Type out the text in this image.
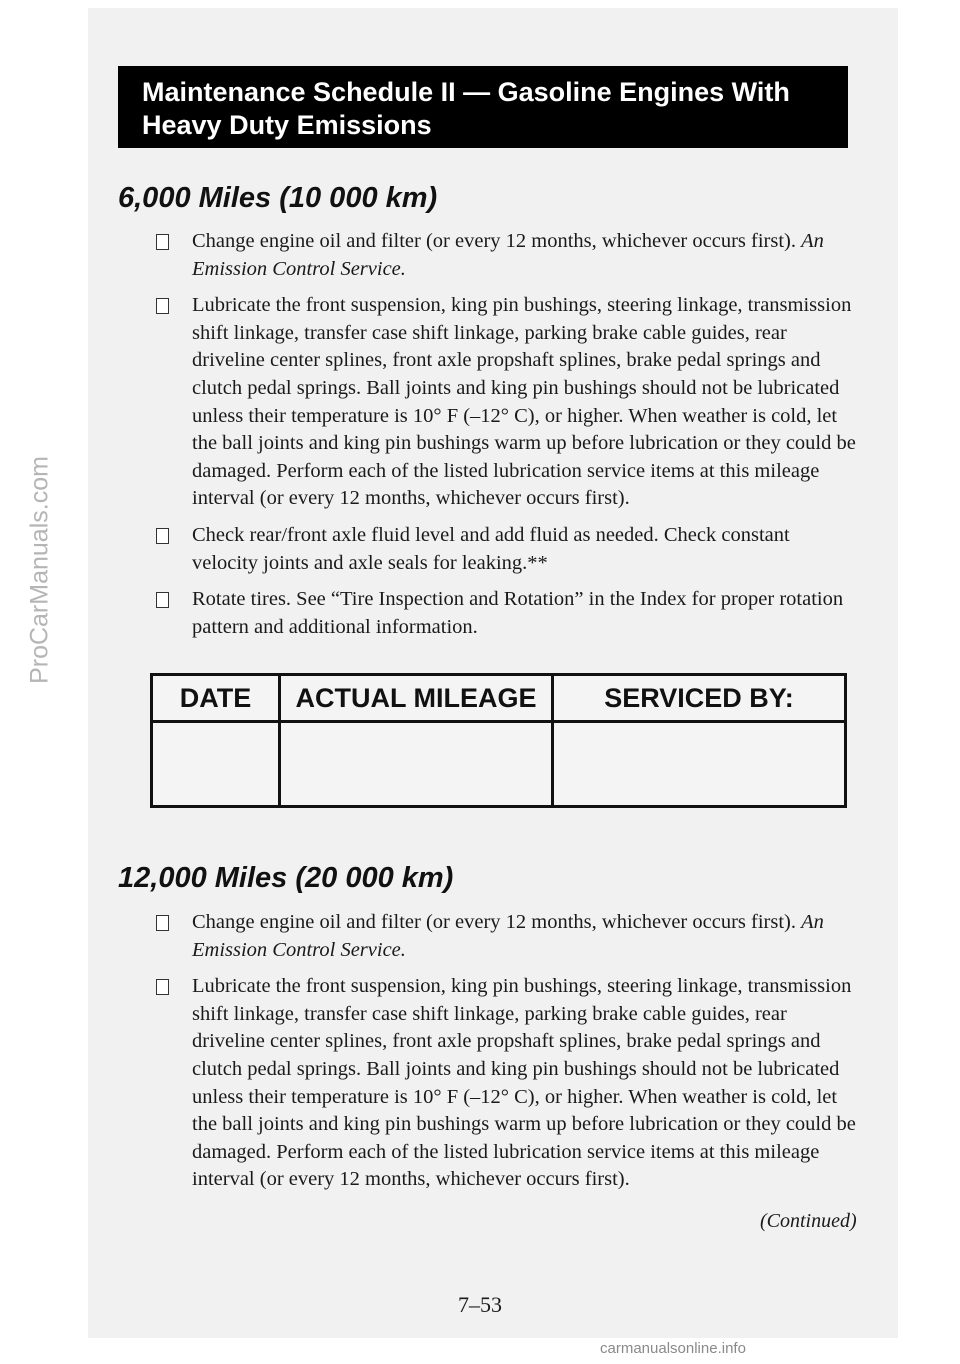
ProCarManuals.com
Maintenance Schedule II — Gasoline Engines With
Heavy Duty Emissions
6,000 Miles (10 000 km)
Change engine oil and filter (or every 12 months, whichever occurs first). An Emission Control Service.
Lubricate the front suspension, king pin bushings, steering linkage, transmission shift linkage, transfer case shift linkage, parking brake cable guides, rear driveline center splines, front axle propshaft splines, brake pedal springs and clutch pedal springs. Ball joints and king pin bushings should not be lubricated unless their temperature is 10° F (–12° C), or higher. When weather is cold, let the ball joints and king pin bushings warm up before lubrication or they could be damaged. Perform each of the listed lubrication service items at this mileage interval (or every 12 months, whichever occurs first).
Check rear/front axle fluid level and add fluid as needed. Check constant velocity joints and axle seals for leaking.**
Rotate tires. See “Tire Inspection and Rotation” in the Index for proper rotation pattern and additional information.
DATE	ACTUAL MILEAGE	SERVICED BY:

12,000 Miles (20 000 km)
Change engine oil and filter (or every 12 months, whichever occurs first). An Emission Control Service.
Lubricate the front suspension, king pin bushings, steering linkage, transmission shift linkage, transfer case shift linkage, parking brake cable guides, rear driveline center splines, front axle propshaft splines, brake pedal springs and clutch pedal springs. Ball joints and king pin bushings should not be lubricated unless their temperature is 10° F (–12° C), or higher. When weather is cold, let the ball joints and king pin bushings warm up before lubrication or they could be damaged. Perform each of the listed lubrication service items at this mileage interval (or every 12 months, whichever occurs first).
(Continued)
7–53
carmanualsonline.info
